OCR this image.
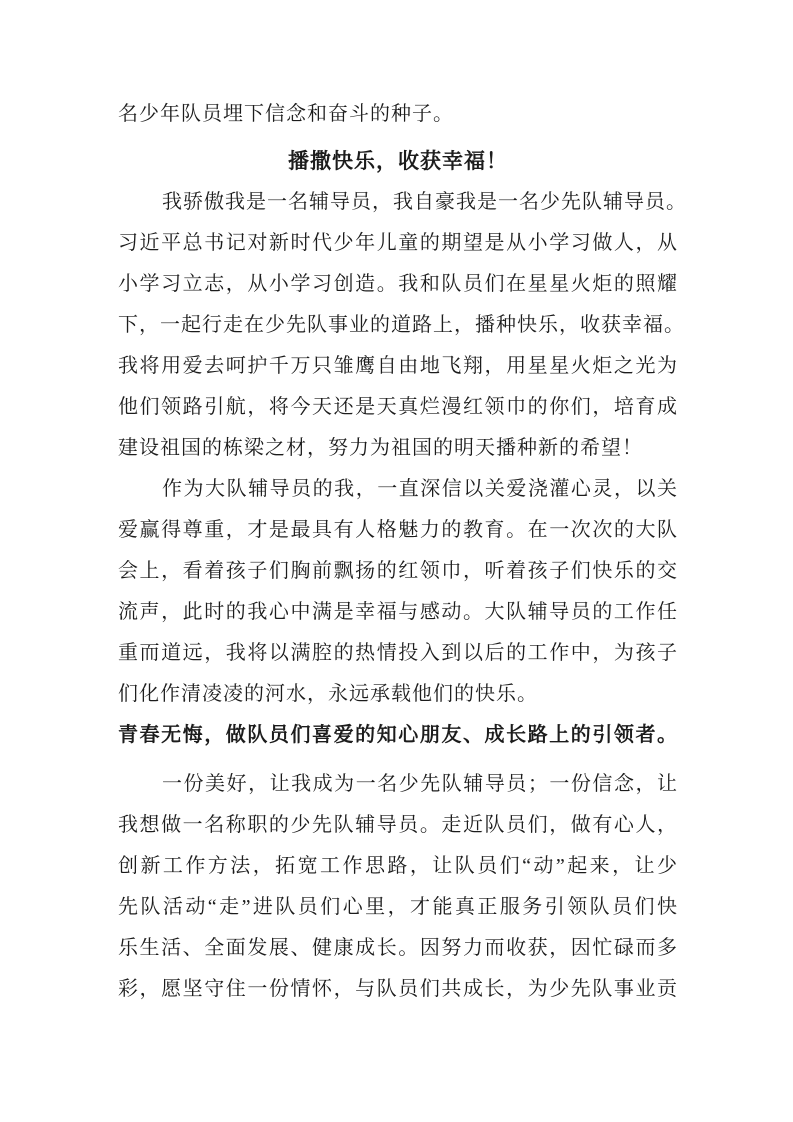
名少年队员埋下信念和奋斗的种子。
播撒快乐，收获幸福！
我骄傲我是一名辅导员，我自豪我是一名少先队辅导员。
习近平总书记对新时代少年儿童的期望是从小学习做人，从
小学习立志，从小学习创造。我和队员们在星星火炬的照耀
下，一起行走在少先队事业的道路上，播种快乐，收获幸福。
我将用爱去呵护千万只雏鹰自由地飞翔，用星星火炬之光为
他们领路引航，将今天还是天真烂漫红领巾的你们，培育成
建设祖国的栋梁之材，努力为祖国的明天播种新的希望！
作为大队辅导员的我，一直深信以关爱浇灌心灵，以关
爱赢得尊重，才是最具有人格魅力的教育。在一次次的大队
会上，看着孩子们胸前飘扬的红领巾，听着孩子们快乐的交
流声，此时的我心中满是幸福与感动。大队辅导员的工作任
重而道远，我将以满腔的热情投入到以后的工作中，为孩子
们化作清凌凌的河水，永远承载他们的快乐。
青春无悔，做队员们喜爱的知心朋友、成长路上的引领者。
一份美好，让我成为一名少先队辅导员；一份信念，让
我想做一名称职的少先队辅导员。走近队员们，做有心人，
创新工作方法，拓宽工作思路，让队员们“动”起来，让少
先队活动“走”进队员们心里，才能真正服务引领队员们快
乐生活、全面发展、健康成长。因努力而收获，因忙碌而多
彩，愿坚守住一份情怀，与队员们共成长，为少先队事业贡
